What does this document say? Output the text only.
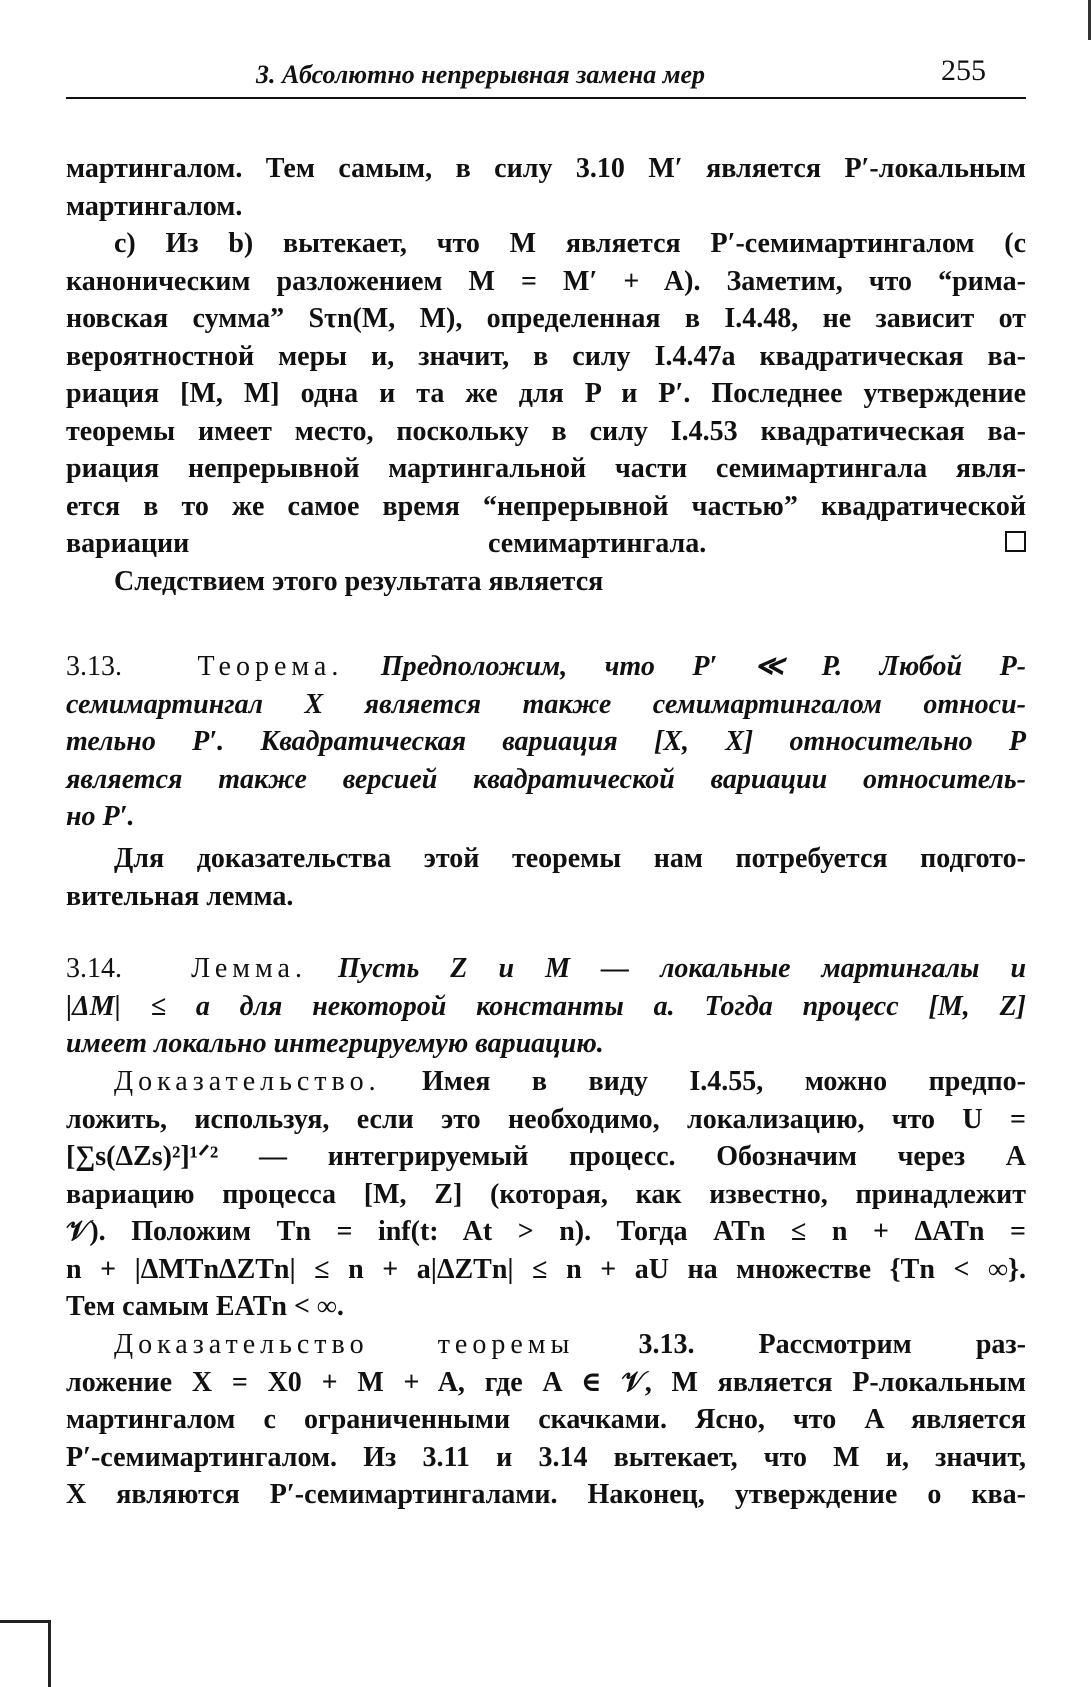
3. Абсолютно непрерывная замена мер	255
мартингалом. Тем самым, в силу 3.10 M′ является P′-локальным
мартингалом.
c) Из b) вытекает, что M является P′-семимартингалом (с
каноническим разложением M = M′ + A). Заметим, что “рима-
новская сумма” Sτn(M, M), определенная в I.4.48, не зависит от
вероятностной меры и, значит, в силу I.4.47a квадратическая ва-
риация [M, M] одна и та же для P и P′. Последнее утверждение
теоремы имеет место, поскольку в силу I.4.53 квадратическая ва-
риация непрерывной мартингальной части семимартингала явля-
ется в то же самое время “непрерывной частью” квадратической
вариации семимартингала.
Следствием этого результата является
3.13.	Теорема. Предположим, что P′ ≪ P. Любой P-
семимартингал X является также семимартингалом относи-
тельно P′. Квадратическая вариация [X, X] относительно P
является также версией квадратической вариации относитель-
но P′.
Для доказательства этой теоремы нам потребуется подгото-
вительная лемма.
3.14. Лемма. Пусть Z и M — локальные мартингалы и
|ΔM| ≤ a для некоторой константы a. Тогда процесс [M, Z]
имеет локально интегрируемую вариацию.
Доказательство. Имея в виду I.4.55, можно предпо-
ложить, используя, если это необходимо, локализацию, что U =
[∑s(ΔZs)²]¹ᐟ² — интегрируемый процесс. Обозначим через A
вариацию процесса [M, Z] (которая, как известно, принадлежит
𝒱). Положим Tn = inf(t: At > n). Тогда ATn ≤ n + ΔATn =
n + |ΔMTnΔZTn| ≤ n + a|ΔZTn| ≤ n + aU на множестве {Tn < ∞}.
Тем самым EATn < ∞.
Доказательство теоремы 3.13. Рассмотрим раз-
ложение X = X0 + M + A, где A ∈ 𝒱, M является P-локальным
мартингалом с ограниченными скачками. Ясно, что A является
P′-семимартингалом. Из 3.11 и 3.14 вытекает, что M и, значит,
X являются P′-семимартингалами. Наконец, утверждение о ква-
